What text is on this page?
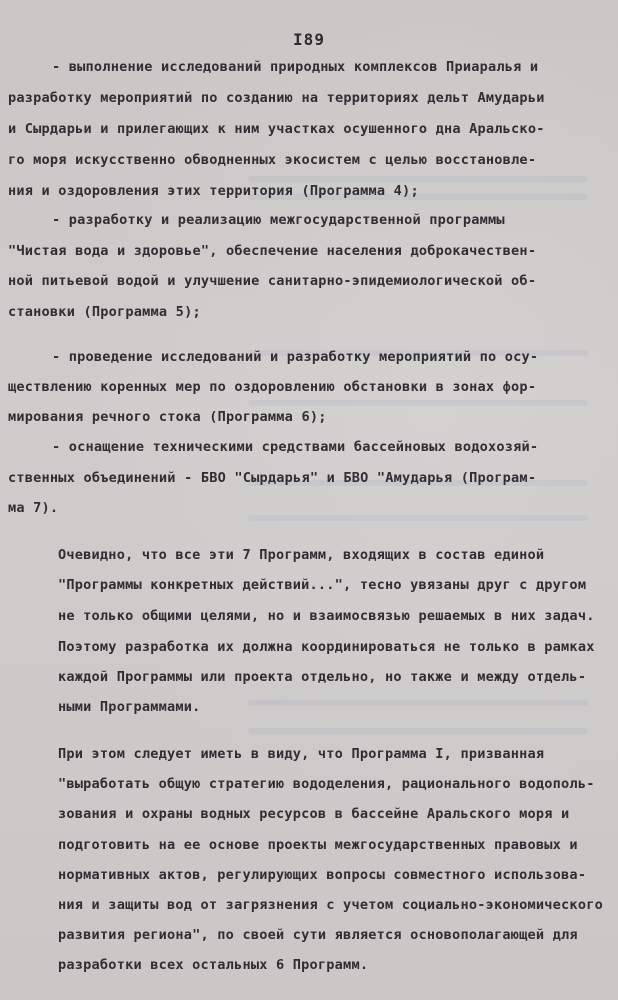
I89
- выполнение исследований природных комплексов Приаралья и
разработку мероприятий по созданию на территориях дельт Амударьи
и Сырдарьи и прилегающих к ним участках осушенного дна Аральско-
го моря искусственно обводненных экосистем с целью восстановле-
ния и оздоровления этих территория (Программа 4);
- разработку и реализацию межгосударственной программы
"Чистая вода и здоровье", обеспечение населения доброкачествен-
ной питьевой водой и улучшение санитарно-эпидемиологической об-
становки (Программа 5);
- проведение исследований и разработку мероприятий по осу-
ществлению коренных мер по оздоровлению обстановки в зонах фор-
мирования речного стока (Программа 6);
- оснащение техническими средствами бассейновых водохозяй-
ственных объединений - БВО "Сырдарья" и БВО "Амударья (Програм-
ма 7).
Очевидно, что все эти 7 Программ, входящих в состав единой
"Программы конкретных действий...", тесно увязаны друг с другом
не только общими целями, но и взаимосвязью решаемых в них задач.
Поэтому разработка их должна координироваться не только в рамках
каждой Программы или проекта отдельно, но также и между отдель-
ными Программами.
При этом следует иметь в виду, что Программа I, призванная
"выработать общую стратегию вододеления, рационального водополь-
зования и охраны водных ресурсов в бассейне Аральского моря и
подготовить на ее основе проекты межгосударственных правовых и
нормативных актов, регулирующих вопросы совместного использова-
ния и защиты вод от загрязнения с учетом социально-экономического
развития региона", по своей сути является основополагающей для
разработки всех остальных 6 Программ.
